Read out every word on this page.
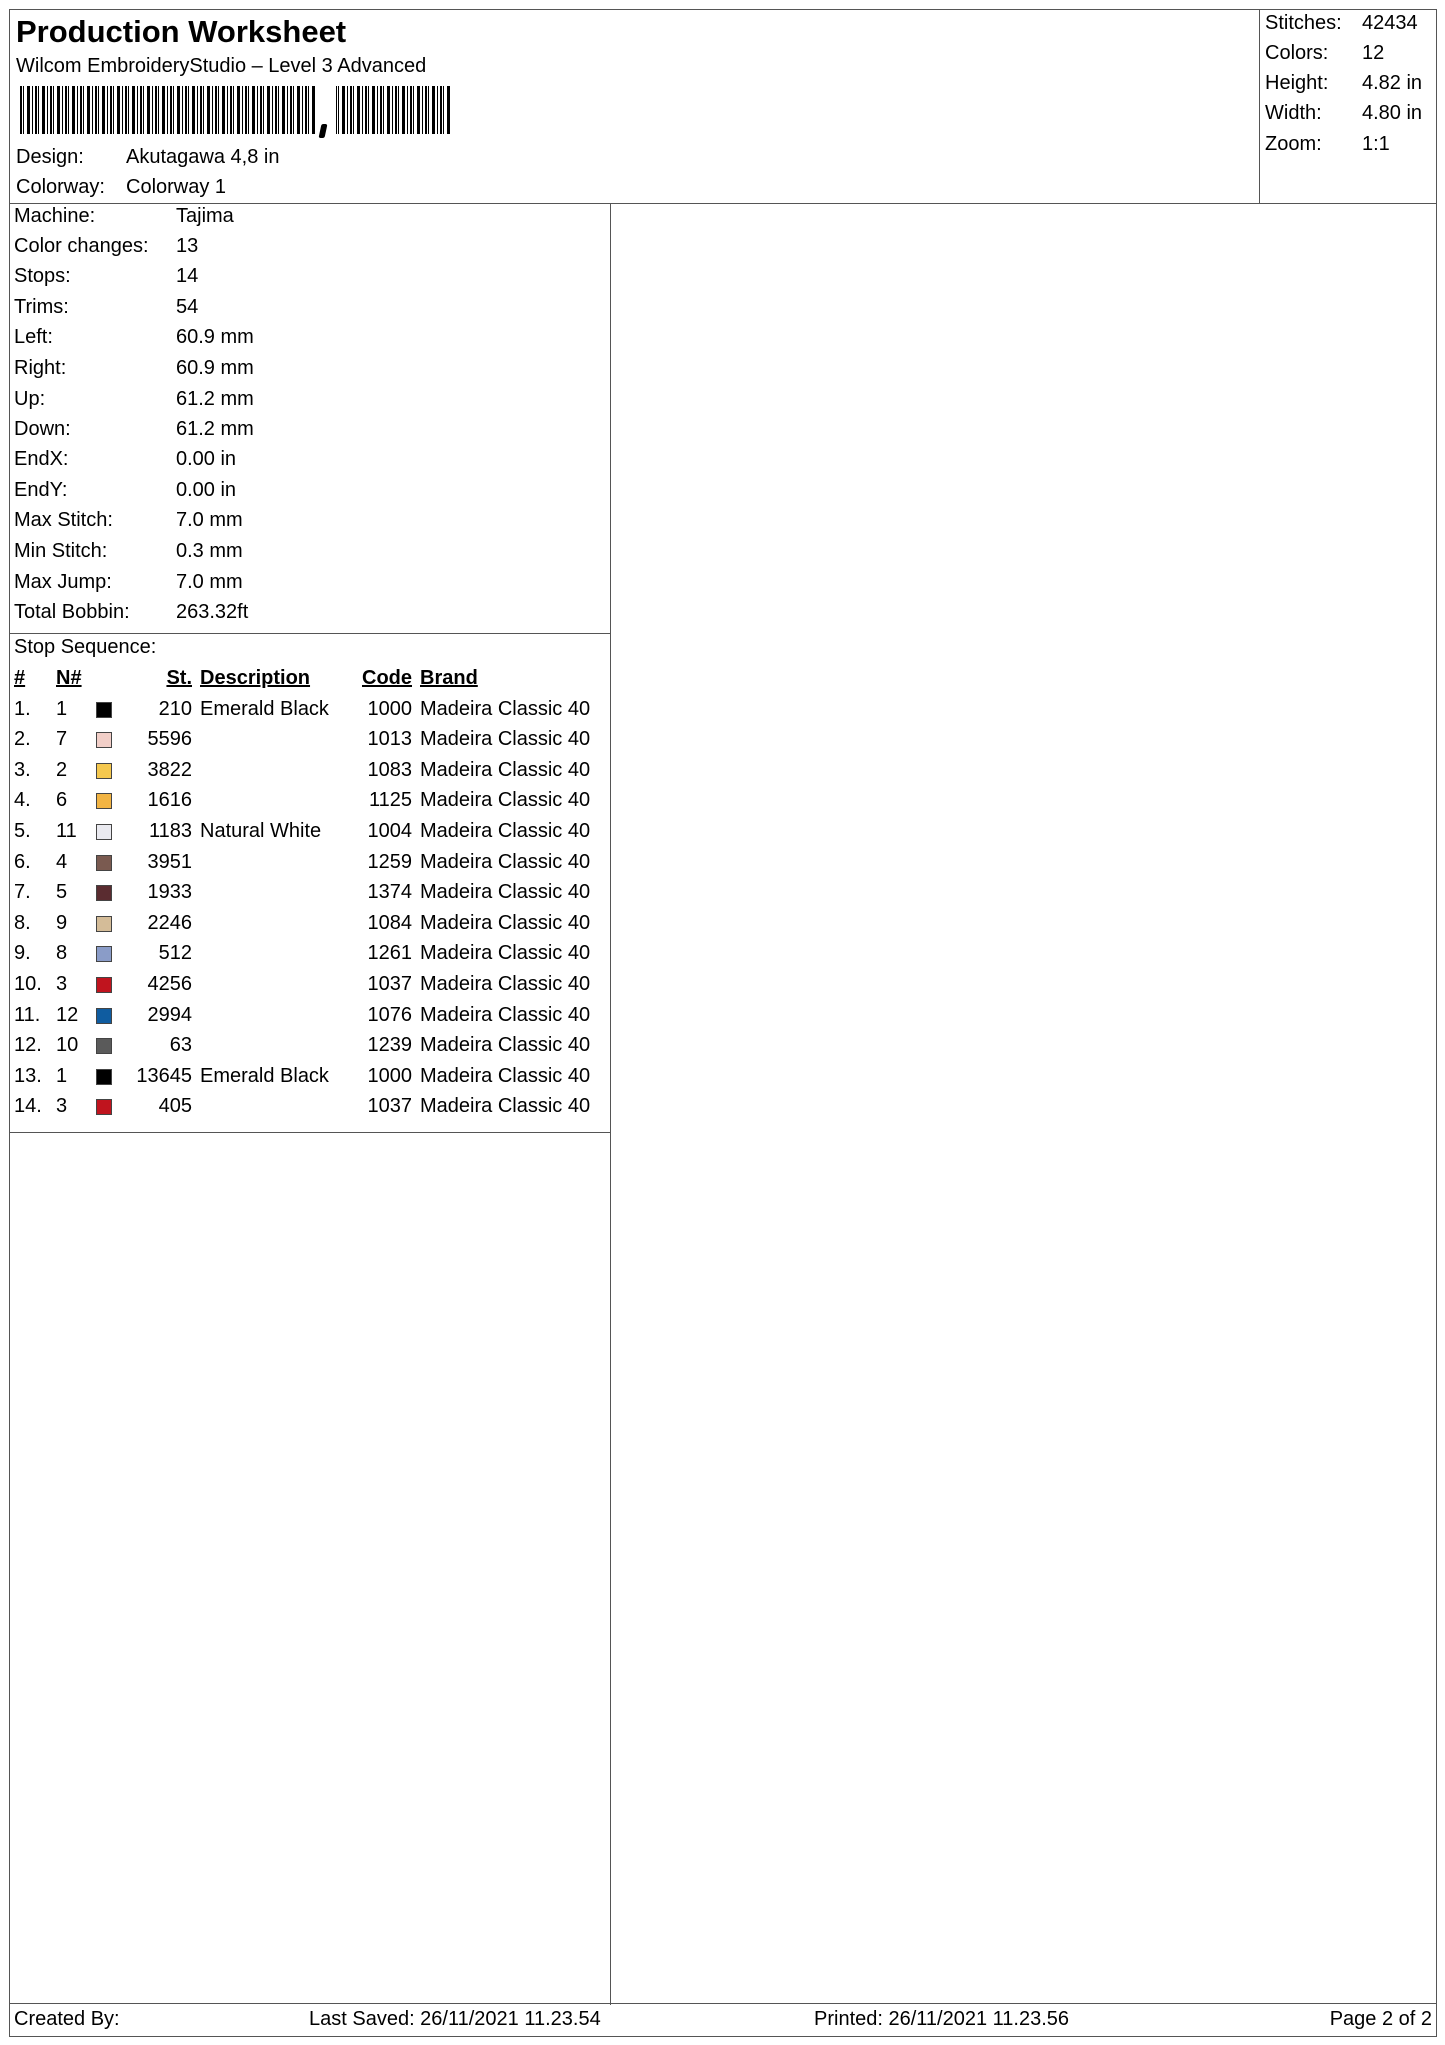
Production Worksheet
Wilcom EmbroideryStudio – Level 3 Advanced
Design: Akutagawa 4,8 in
Colorway: Colorway 1
Stitches: 42434
Colors: 12
Height: 4.82 in
Width: 4.80 in
Zoom: 1:1
Machine:	Tajima
Color changes: 13
Stops:	14
Trims:	54
Left:	60.9 mm
Right:	60.9 mm
Up:	61.2 mm
Down:	61.2 mm
EndX:	0.00 in
EndY:	0.00 in
Max Stitch:	7.0 mm
Min Stitch:	0.3 mm
Max Jump:	7.0 mm
Total Bobbin: 263.32ft
Stop Sequence:
# N#	St. Description	Code Brand
1. 1	210 Emerald Black	1000 Madeira Classic 40
2. 7	5596	1013 Madeira Classic 40
3. 2	3822	1083 Madeira Classic 40
4. 6	1616	1125 Madeira Classic 40
5. 11	1183 Natural White	1004 Madeira Classic 40
6. 4	3951	1259 Madeira Classic 40
7. 5	1933	1374 Madeira Classic 40
8. 9	2246	1084 Madeira Classic 40
9. 8	512	1261 Madeira Classic 40
10. 3	4256	1037 Madeira Classic 40
11. 12	2994	1076 Madeira Classic 40
12. 10	63	1239 Madeira Classic 40
13. 1	13645 Emerald Black	1000 Madeira Classic 40
14. 3	405	1037 Madeira Classic 40
Created By:	Last Saved: 26/11/2021 11.23.54	Printed: 26/11/2021 11.23.56	Page 2 of 2
